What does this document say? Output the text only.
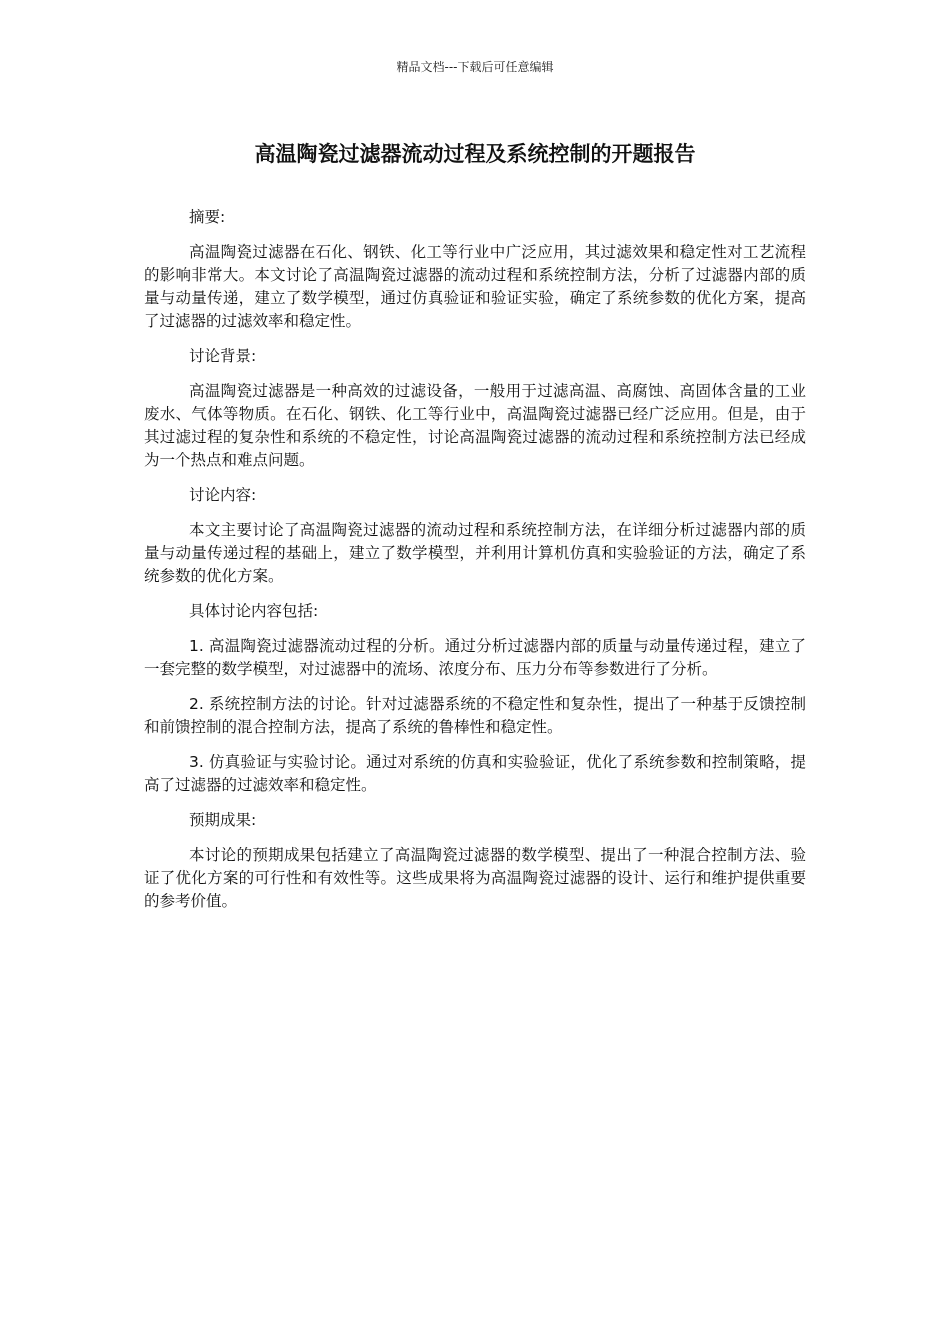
精品文档---下载后可任意编辑
高温陶瓷过滤器流动过程及系统控制的开题报告

摘要:

高温陶瓷过滤器在石化、钢铁、化工等行业中广泛应用，其过滤效果和稳定性对工艺流程的影响非常大。本文讨论了高温陶瓷过滤器的流动过程和系统控制方法，分析了过滤器内部的质量与动量传递，建立了数学模型，通过仿真验证和验证实验，确定了系统参数的优化方案，提高了过滤器的过滤效率和稳定性。

讨论背景:

高温陶瓷过滤器是一种高效的过滤设备，一般用于过滤高温、高腐蚀、高固体含量的工业废水、气体等物质。在石化、钢铁、化工等行业中，高温陶瓷过滤器已经广泛应用。但是，由于其过滤过程的复杂性和系统的不稳定性，讨论高温陶瓷过滤器的流动过程和系统控制方法已经成为一个热点和难点问题。

讨论内容:

本文主要讨论了高温陶瓷过滤器的流动过程和系统控制方法，在详细分析过滤器内部的质量与动量传递过程的基础上，建立了数学模型，并利用计算机仿真和实验验证的方法，确定了系统参数的优化方案。

具体讨论内容包括:

1. 高温陶瓷过滤器流动过程的分析。通过分析过滤器内部的质量与动量传递过程，建立了一套完整的数学模型，对过滤器中的流场、浓度分布、压力分布等参数进行了分析。

2. 系统控制方法的讨论。针对过滤器系统的不稳定性和复杂性，提出了一种基于反馈控制和前馈控制的混合控制方法，提高了系统的鲁棒性和稳定性。

3. 仿真验证与实验讨论。通过对系统的仿真和实验验证，优化了系统参数和控制策略，提高了过滤器的过滤效率和稳定性。

预期成果:

本讨论的预期成果包括建立了高温陶瓷过滤器的数学模型、提出了一种混合控制方法、验证了优化方案的可行性和有效性等。这些成果将为高温陶瓷过滤器的设计、运行和维护提供重要的参考价值。
